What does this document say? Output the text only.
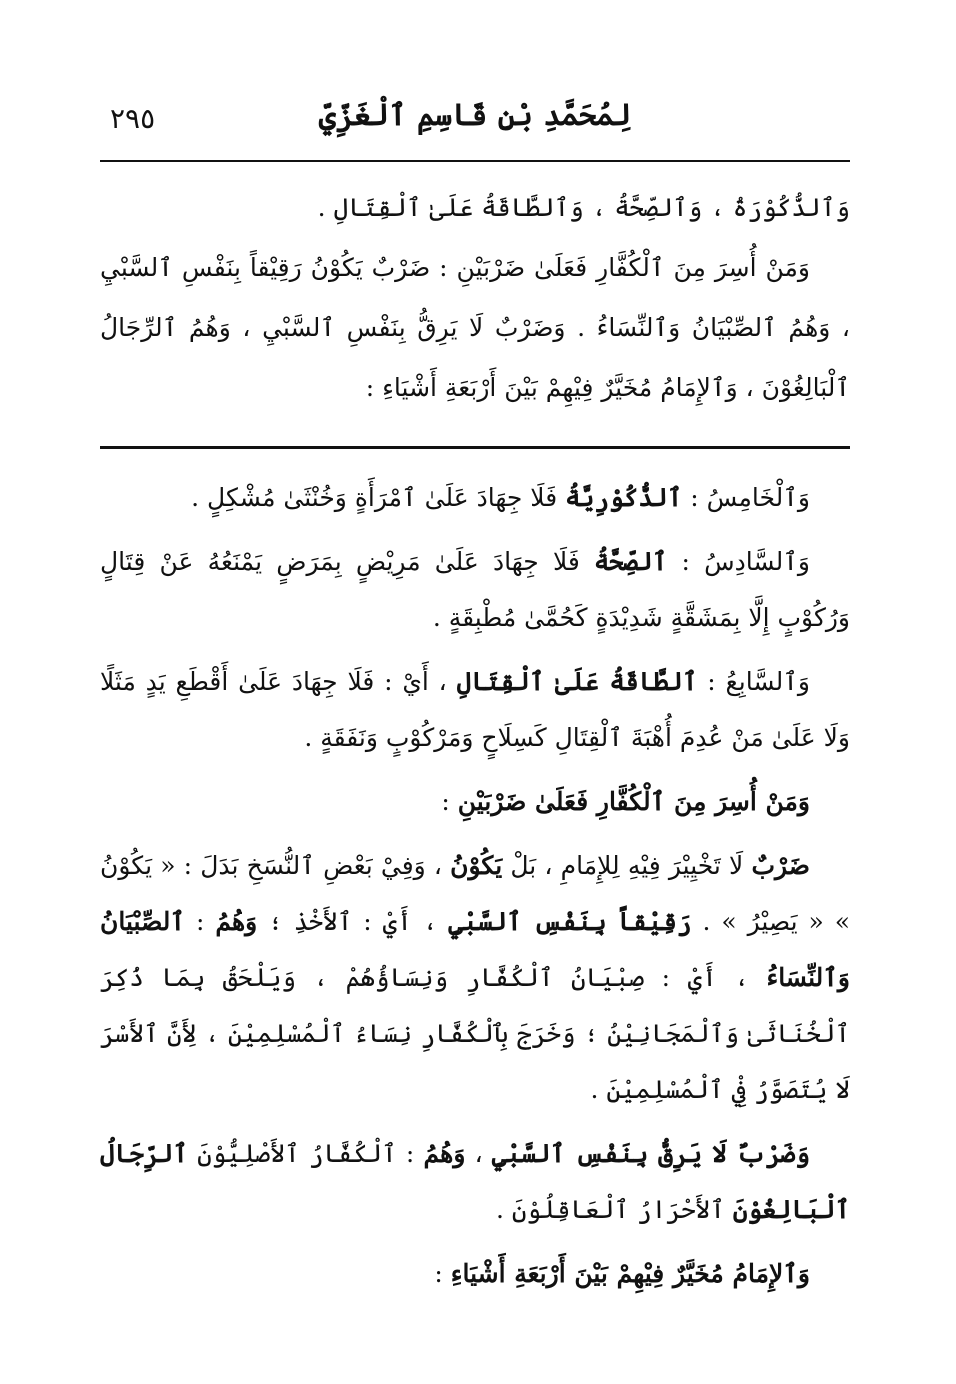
٢٩٥	لِمُحَمَّدِ بْنِ قَاسِمِ ٱلْغَزِّيِّ

وَٱلذُّكُوْرَةُ ، وَٱلصِّحَّةُ ، وَٱلطَّاقَةُ عَلَىٰ ٱلْقِتَالِ .

وَمَنْ أُسِرَ مِنَ ٱلْكُفَّارِ فَعَلَىٰ ضَرْبَيْنِ : ضَرْبٌ يَكُوْنُ رَقِيْقاً بِنَفْسِ ٱلسَّبْيِ ، وَهُمُ ٱلصِّبْيَانُ وَٱلنِّسَاءُ . وَضَرْبٌ لَا يَرِقُّ بِنَفْسِ ٱلسَّبْيِ ، وَهُمُ ٱلرِّجَالُ ٱلْبَالِغُوْنَ ، وَٱلإِمَامُ مُخَيَّرٌ فِيْهِمْ بَيْنَ أَرْبَعَةِ أَشْيَاءِ :

وَٱلْخَامِسُ : ٱلذُّكُوْرِيَّةُ فَلَا جِهَادَ عَلَىٰ ٱمْرَأَةٍ وَخُنْثَىٰ مُشْكِلٍ .

وَٱلسَّادِسُ : ٱلصِّحَّةُ فَلَا جِهَادَ عَلَىٰ مَرِيْضٍ بِمَرَضٍ يَمْنَعُهُ عَنْ قِتَالٍ وَرُكُوْبٍ إِلَّا بِمَشَقَّةٍ شَدِيْدَةٍ كَحُمَّىٰ مُطْبِقَةٍ .

وَٱلسَّابِعُ : ٱلطَّاقَةُ عَلَىٰ ٱلْقِتَالِ ، أَيْ : فَلَا جِهَادَ عَلَىٰ أَقْطَعِ يَدٍ مَثَلًا وَلَا عَلَىٰ مَنْ عُدِمَ أُهْبَةَ ٱلْقِتَالِ كَسِلَاحٍ وَمَرْكُوْبٍ وَنَفَقَةٍ .

وَمَنْ أُسِرَ مِنَ ٱلْكُفَّارِ فَعَلَىٰ ضَرْبَيْنِ :

ضَرْبٌ لَا تَخْيِيْرَ فِيْهِ لِلإِمَامِ ، بَلْ يَكُوْنُ ، وَفِيْ بَعْضِ ٱلنُّسَخِ بَدَلَ : « يَكُوْنُ » « يَصِيْرُ » . رَقِيْقاً بِنَفْسِ ٱلسَّبْيِ ، أَيْ : ٱلأَخْذِ ؛ وَهُمُ : ٱلصِّبْيَانُ وَٱلنِّسَاءُ ، أَيْ : صِبْيَانُ ٱلْكُفَّارِ وَنِسَاؤُهُمْ ، وَيَلْحَقُ بِمَا ذُكِرَ ٱلْخُنَاثَىٰ وَٱلْمَجَانِيْنُ ؛ وَخَرَجَ بِٱلْكُفَّارِ نِسَاءُ ٱلْمُسْلِمِيْنَ ، لِأَنَّ ٱلأَسْرَ لَا يُتَصَوَّرُ فِيْ ٱلْمُسْلِمِيْنَ .

وَضَرْبٌ لَا يَرِقُّ بِنَفْسِ ٱلسَّبْيِ ، وَهُمُ : ٱلْكُفَّارُ ٱلأَصْلِيُّوْنَ ٱلرِّجَالُ ٱلْبَالِغُوْنَ ٱلأَحْرَارُ ٱلْعَاقِلُوْنَ .

وَٱلإِمَامُ مُخَيَّرٌ فِيْهِمْ بَيْنَ أَرْبَعَةِ أَشْيَاءِ :
